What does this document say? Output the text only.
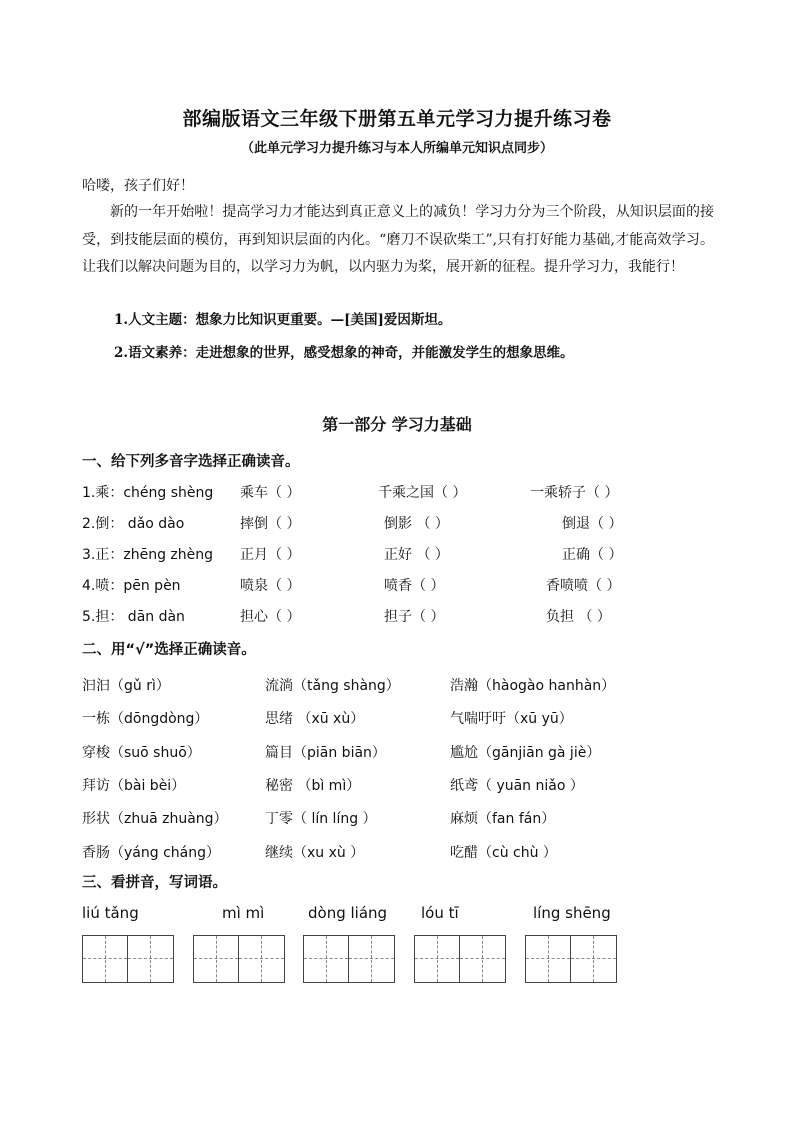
部编版语文三年级下册第五单元学习力提升练习卷
（此单元学习力提升练习与本人所编单元知识点同步）
哈喽，孩子们好！
新的一年开始啦！提高学习力才能达到真正意义上的减负！学习力分为三个阶段，从知识层面的接受，到技能层面的模仿，再到知识层面的内化。“磨刀不误砍柴工”,只有打好能力基础,才能高效学习。让我们以解决问题为目的，以学习力为帆，以内驱力为桨，展开新的征程。提升学习力，我能行！
1.人文主题：想象力比知识更重要。—[美国]爱因斯坦。
2.语文素养：走进想象的世界，感受想象的神奇，并能激发学生的想象思维。
第一部分 学习力基础
一、给下列多音字选择正确读音。
1.乘：chéng shèng 乘车（ ）	千乘之国（ ）	一乘轿子（ ）
2.倒： dǎo dào	摔倒（ ）	倒影 （ ）	倒退（ ）
3.正：zhēng zhèng 正月（ ）	正好 （ ）	正确（ ）
4.喷：pēn pèn	喷泉（ ）	喷香（ ）	香喷喷（ ）
5.担： dān dàn	担心（ ）	担子（ ）	负担 （ ）
二、用“√”选择正确读音。
汩汩（gǔ rì）	流淌（tǎng shàng）	浩瀚（hàogào hanhàn）
一栋（dōngdòng）	思绪 （xū xù）	气喘吁吁（xū yū）
穿梭（suō shuō）	篇目（piān biān）	尴尬（gānjiān gà jiè）
拜访（bài bèi）	秘密 （bì mì）	纸鸢（ yuān niǎo ）
形状（zhuā zhuàng）	丁零（ lín líng ）	麻烦（fan fán）
香肠（yáng cháng）	继续（xu xù ）	吃醋（cù chù ）
三、看拼音，写词语。
liú tǎng	mì mì	dòng liáng lóu tī	líng shēng
